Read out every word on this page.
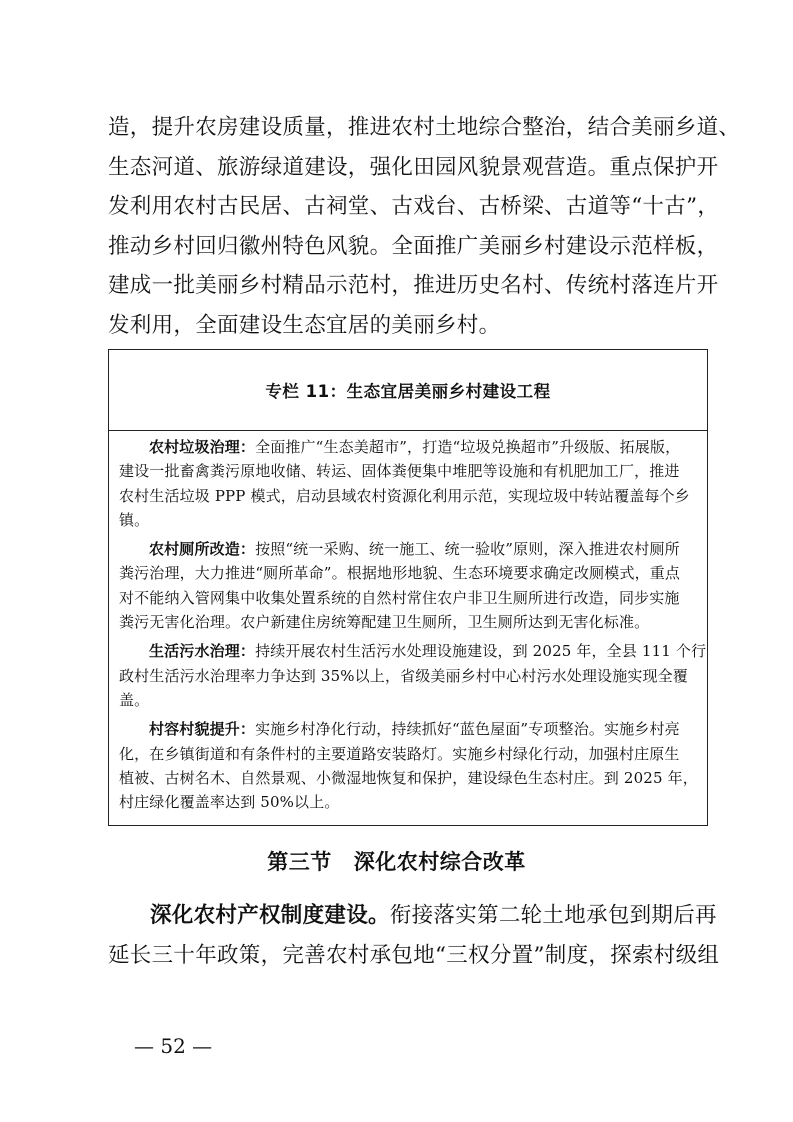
造，提升农房建设质量，推进农村土地综合整治，结合美丽乡道、
生态河道、旅游绿道建设，强化田园风貌景观营造。重点保护开
发利用农村古民居、古祠堂、古戏台、古桥梁、古道等“十古”，
推动乡村回归徽州特色风貌。全面推广美丽乡村建设示范样板，
建成一批美丽乡村精品示范村，推进历史名村、传统村落连片开
发利用，全面建设生态宜居的美丽乡村。
专栏 11：生态宜居美丽乡村建设工程
农村垃圾治理：全面推广“生态美超市”，打造“垃圾兑换超市”升级版、拓展版，
建设一批畜禽粪污原地收储、转运、固体粪便集中堆肥等设施和有机肥加工厂，推进
农村生活垃圾 PPP 模式，启动县域农村资源化利用示范，实现垃圾中转站覆盖每个乡
镇。
农村厕所改造：按照“统一采购、统一施工、统一验收”原则，深入推进农村厕所
粪污治理，大力推进“厕所革命”。根据地形地貌、生态环境要求确定改厕模式，重点
对不能纳入管网集中收集处置系统的自然村常住农户非卫生厕所进行改造，同步实施
粪污无害化治理。农户新建住房统筹配建卫生厕所，卫生厕所达到无害化标准。
生活污水治理：持续开展农村生活污水处理设施建设，到 2025 年，全县 111 个行
政村生活污水治理率力争达到 35%以上，省级美丽乡村中心村污水处理设施实现全覆
盖。
村容村貌提升：实施乡村净化行动，持续抓好“蓝色屋面”专项整治。实施乡村亮
化，在乡镇街道和有条件村的主要道路安装路灯。实施乡村绿化行动，加强村庄原生
植被、古树名木、自然景观、小微湿地恢复和保护，建设绿色生态村庄。到 2025 年，
村庄绿化覆盖率达到 50%以上。
第三节 深化农村综合改革
深化农村产权制度建设。衔接落实第二轮土地承包到期后再
延长三十年政策，完善农村承包地“三权分置”制度，探索村级组
— 52 —
